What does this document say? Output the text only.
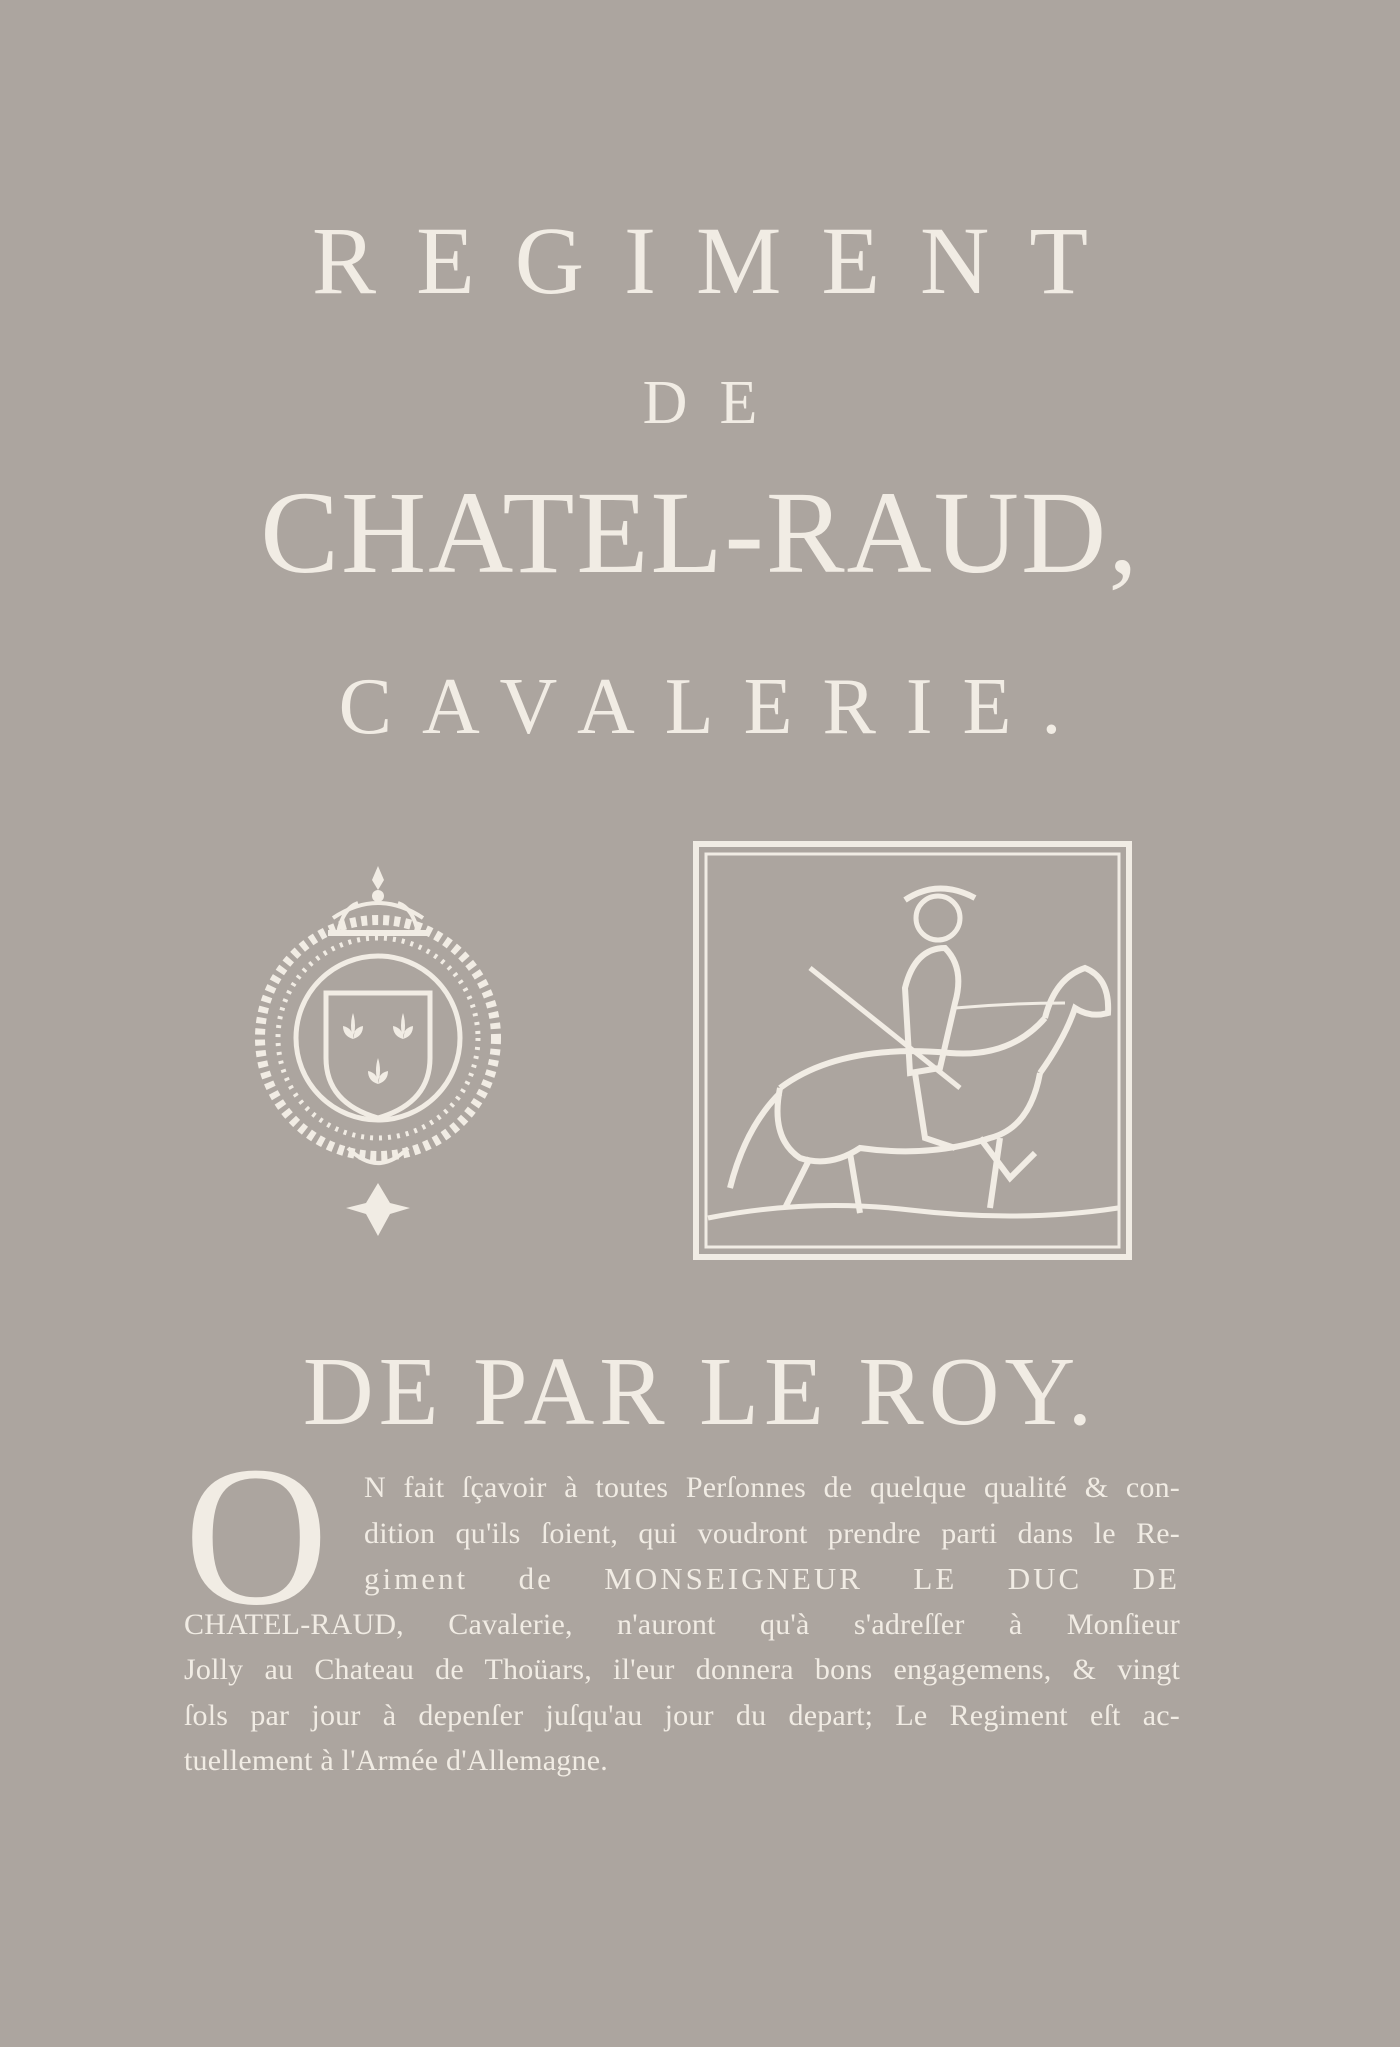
REGIMENT
DE
CHATEL-RAUD,
CAVALERIE.
DE PAR LE ROY.
O	N fait ſçavoir à toutes Perſonnes de quelque qualité & con-
dition qu'ils ſoient, qui voudront prendre parti dans le Re-
giment de MONSEIGNEUR LE DUC DE
CHATEL-RAUD, Cavalerie, n'auront qu'à s'adreſſer à Monſieur
Jolly au Chateau de Thoüars, il'eur donnera bons engagemens, & vingt
ſols par jour à depenſer juſqu'au jour du depart; Le Regiment eſt ac-
tuellement à l'Armée d'Allemagne.
